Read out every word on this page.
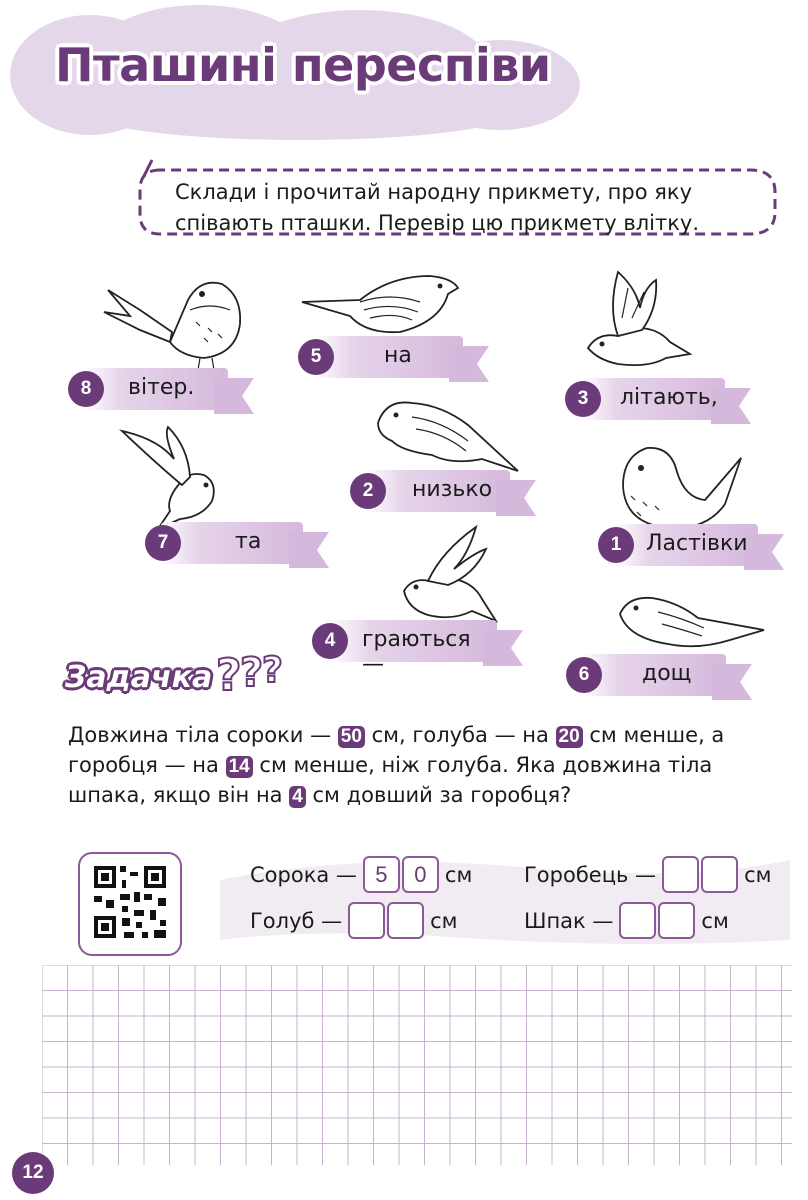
Пташині переспіви
Склади і прочитай народну прикмету, про яку співають пташки. Перевір цю прикмету влітку.
8	вітер.
5	на
3	літають,
2	низько
7	та	1	Ластівки
4	граються —	6	дощ
Задачка ?
?
?
Довжина тіла сороки — 50 см, голуба — на 20 см менше, а горобця — на 14 см менше, ніж голуба. Яка довжина тіла шпака, якщо він на 4 см довший за горобця?
Сорока — 5	0 см Горобець —	см
Голуб —	см	Шпак —	см
12
